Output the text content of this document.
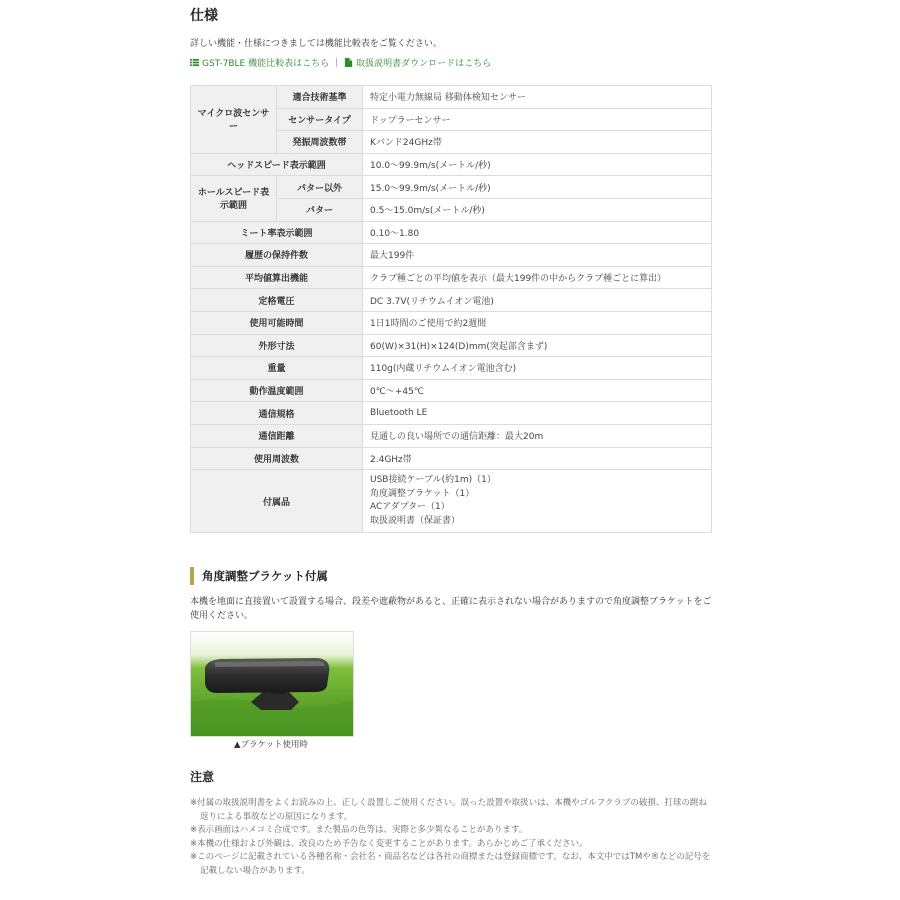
仕様
詳しい機能・仕様につきましては機能比較表をご覧ください。
GST-7BLE 機能比較表はこちら | 取扱説明書ダウンロードはこちら
マイクロ波センサー	適合技術基準	特定小電力無線局 移動体検知センサー
	センサータイプ	ドップラーセンサー
	発振周波数帯	Kバンド24GHz帯
ヘッドスピード表示範囲		10.0〜99.9m/s(メートル/秒)
ホールスピード表示範囲	パター以外	15.0〜99.9m/s(メートル/秒)
	パター	0.5〜15.0m/s(メートル/秒)
ミート率表示範囲		0.10〜1.80
履歴の保持件数		最大199件
平均値算出機能		クラブ種ごとの平均値を表示（最大199件の中からクラブ種ごとに算出）
定格電圧		DC 3.7V(リチウムイオン電池)
使用可能時間		1日1時間のご使用で約2週間
外形寸法		60(W)×31(H)×124(D)mm(突起部含まず)
重量		110g(内蔵リチウムイオン電池含む)
動作温度範囲		0℃〜+45℃
通信規格		Bluetooth LE
通信距離		見通しの良い場所での通信距離：最大20m
使用周波数		2.4GHz帯
付属品		USB接続ケーブル(約1m)（1）
角度調整ブラケット（1）
ACアダプター（1）
取扱説明書（保証書）
角度調整ブラケット付属
本機を地面に直接置いて設置する場合、段差や遮蔽物があると、正確に表示されない場合がありますので角度調整ブラケットをご使用ください。
▲ブラケット使用時
注意

※付属の取扱説明書をよくお読みの上、正しく設置しご使用ください。誤った設置や取扱いは、本機やゴルフクラブの破損、打球の跳ね返りによる事故などの原因になります。

※表示画面はハメコミ合成です。また製品の色等は、実際と多少異なることがあります。

※本機の仕様および外観は、改良のため予告なく変更することがあります。あらかじめご了承ください。

※このページに記載されている各種名称・会社名・商品名などは各社の商標または登録商標です。なお、本文中ではTMや®などの記号を記載しない場合があります。
